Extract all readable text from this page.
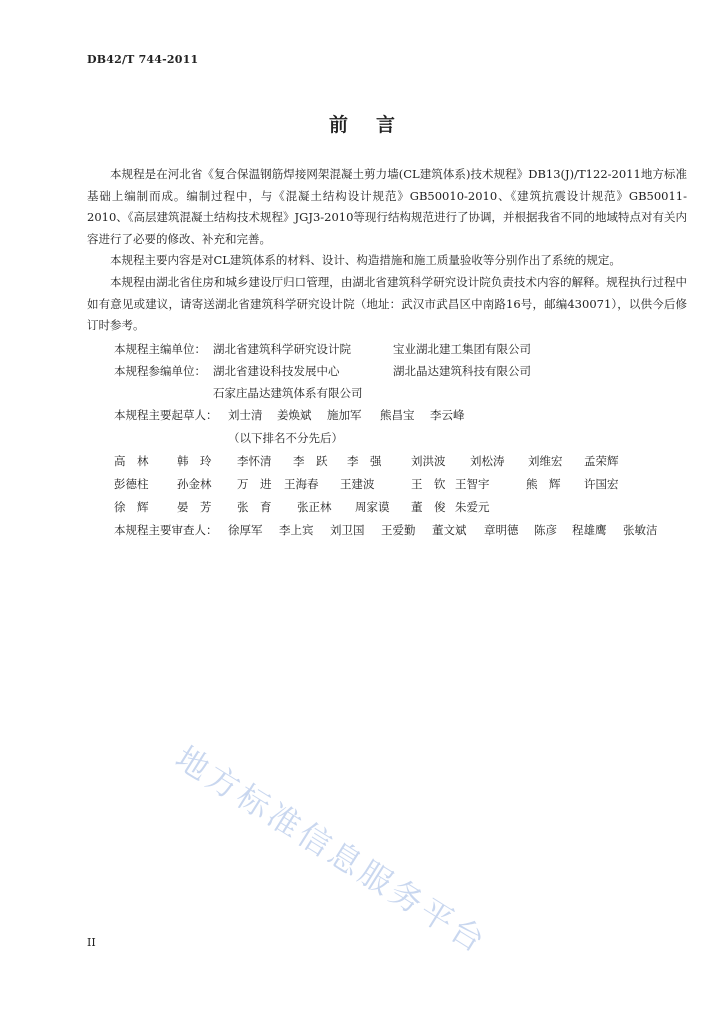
DB42/T 744-2011
前言
本规程是在河北省《复合保温钢筋焊接网架混凝土剪力墙(CL建筑体系)技术规程》DB13(J)/T122-2011地方标准基础上编制而成。编制过程中，与《混凝土结构设计规范》GB50010-2010、《建筑抗震设计规范》GB50011-2010、《高层建筑混凝土结构技术规程》JGJ3-2010等现行结构规范进行了协调，并根据我省不同的地域特点对有关内容进行了必要的修改、补充和完善。
本规程主要内容是对CL建筑体系的材料、设计、构造措施和施工质量验收等分别作出了系统的规定。
本规程由湖北省住房和城乡建设厅归口管理，由湖北省建筑科学研究设计院负责技术内容的解释。规程执行过程中如有意见或建议，请寄送湖北省建筑科学研究设计院（地址：武汉市武昌区中南路16号，邮编430071），以供今后修订时参考。
本规程主编单位： 湖北省建筑科学研究设计院	宝业湖北建工集团有限公司
本规程参编单位： 湖北省建设科技发展中心	湖北晶达建筑科技有限公司
石家庄晶达建筑体系有限公司
本规程主要起草人： 刘士清 姜焕斌 施加军 熊昌宝 李云峰
（以下排名不分先后）
高　林 韩　玲 李怀清 李　跃 李　强	刘洪波 刘松涛 刘维宏 孟荣辉
彭德柱 孙金林 万　进 王海春 王建波	王　钦 王智宇	熊　辉 许国宏
徐　辉 晏　芳 张　育 张正林 周家谟 董　俊 朱爱元
本规程主要审查人： 徐厚军 李上宾 刘卫国 王爱勤 董文斌 章明德 陈彦 程雄鹰 张敏洁
地方标准信息服务平台
II
